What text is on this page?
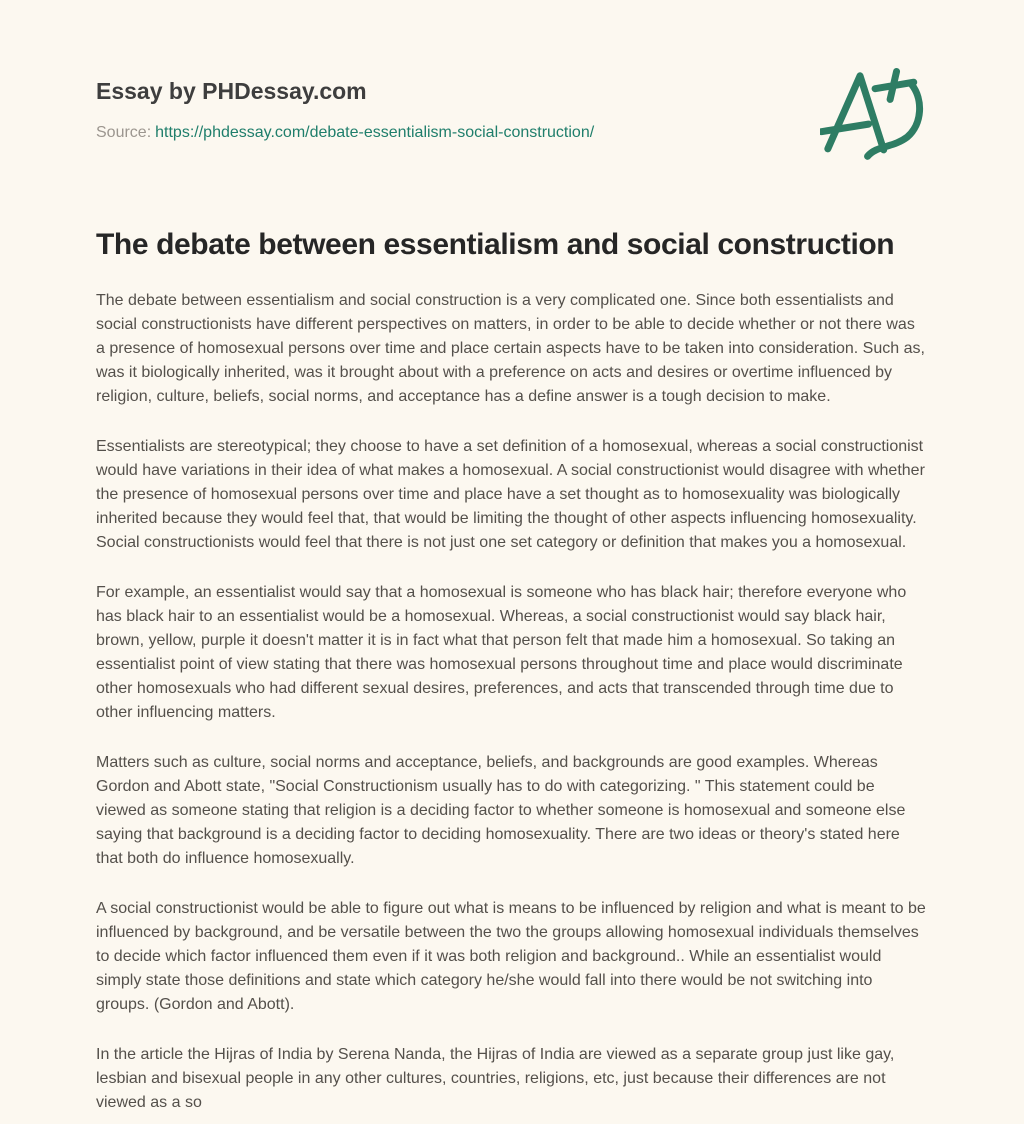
Essay by PHDessay.com
Source: https://phdessay.com/debate-essentialism-social-construction/
The debate between essentialism and social construction

The debate between essentialism and social construction is a very complicated one. Since both essentialists and social constructionists have different perspectives on matters, in order to be able to decide whether or not there was a presence of homosexual persons over time and place certain aspects have to be taken into consideration. Such as, was it biologically inherited, was it brought about with a preference on acts and desires or overtime influenced by religion, culture, beliefs, social norms, and acceptance has a define answer is a tough decision to make.

Essentialists are stereotypical; they choose to have a set definition of a homosexual, whereas a social constructionist would have variations in their idea of what makes a homosexual. A social constructionist would disagree with whether the presence of homosexual persons over time and place have a set thought as to homosexuality was biologically inherited because they would feel that, that would be limiting the thought of other aspects influencing homosexuality. Social constructionists would feel that there is not just one set category or definition that makes you a homosexual.

For example, an essentialist would say that a homosexual is someone who has black hair; therefore everyone who has black hair to an essentialist would be a homosexual. Whereas, a social constructionist would say black hair, brown, yellow, purple it doesn't matter it is in fact what that person felt that made him a homosexual. So taking an essentialist point of view stating that there was homosexual persons throughout time and place would discriminate other homosexuals who had different sexual desires, preferences, and acts that transcended through time due to other influencing matters.

Matters such as culture, social norms and acceptance, beliefs, and backgrounds are good examples. Whereas Gordon and Abott state, "Social Constructionism usually has to do with categorizing. " This statement could be viewed as someone stating that religion is a deciding factor to whether someone is homosexual and someone else saying that background is a deciding factor to deciding homosexuality. There are two ideas or theory's stated here that both do influence homosexually.

A social constructionist would be able to figure out what is means to be influenced by religion and what is meant to be influenced by background, and be versatile between the two the groups allowing homosexual individuals themselves to decide which factor influenced them even if it was both religion and background.. While an essentialist would simply state those definitions and state which category he/she would fall into there would be not switching into groups. (Gordon and Abott).

In the article the Hijras of India by Serena Nanda, the Hijras of India are viewed as a separate group just like gay, lesbian and bisexual people in any other cultures, countries, religions, etc, just because their differences are not viewed as a so
